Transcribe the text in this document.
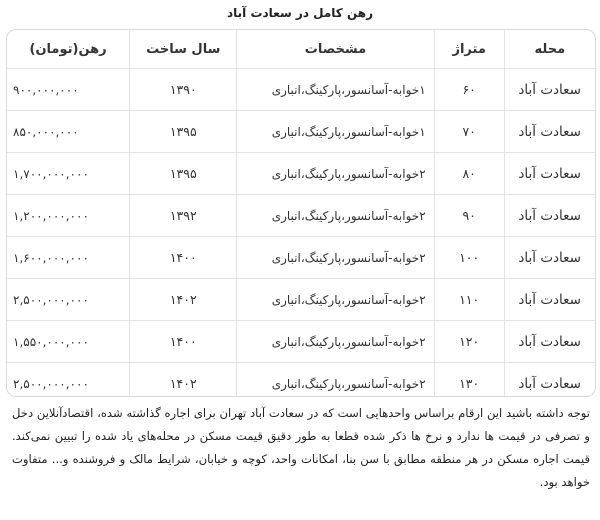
رهن کامل در سعادت آباد
محله	متراژ	مشخصات	سال ساخت	رهن(تومان)
سعادت آباد	۶۰	۱خوابه-آسانسور،پارکینگ،انباری	۱۳۹۰	۹۰۰,۰۰۰,۰۰۰
سعادت آباد	۷۰	۱خوابه-آسانسور،پارکینگ،انباری	۱۳۹۵	۸۵۰,۰۰۰,۰۰۰
سعادت آباد	۸۰	۲خوابه-آسانسور،پارکینگ،انباری	۱۳۹۵	۱,۷۰۰,۰۰۰,۰۰۰
سعادت آباد	۹۰	۲خوابه-آسانسور،پارکینگ،انباری	۱۳۹۲	۱,۲۰۰,۰۰۰,۰۰۰
سعادت آباد	۱۰۰	۲خوابه-آسانسور،پارکینگ،انباری	۱۴۰۰	۱,۶۰۰,۰۰۰,۰۰۰
سعادت آباد	۱۱۰	۲خوابه-آسانسور،پارکینگ،انباری	۱۴۰۲	۲,۵۰۰,۰۰۰,۰۰۰
سعادت آباد	۱۲۰	۲خوابه-آسانسور،پارکینگ،انباری	۱۴۰۰	۱,۵۵۰,۰۰۰,۰۰۰
سعادت آباد	۱۳۰	۲خوابه-آسانسور،پارکینگ،انباری	۱۴۰۲	۲,۵۰۰,۰۰۰,۰۰۰
توجه داشته باشید این ارقام براساس واحدهایی است که در سعادت آباد تهران برای اجاره گذاشته شده، اقتصادآنلاین دخل و تصرفی در قیمت ها ندارد و نرخ ها ذکر شده قطعا به طور دقیق قیمت مسکن در محله‌های یاد شده را تبیین نمی‌کند. قیمت اجاره مسکن در هر منطقه مطابق با سن بنا، امکانات واحد، کوچه و خیابان، شرایط مالک و فروشنده و... متفاوت خواهد بود.
